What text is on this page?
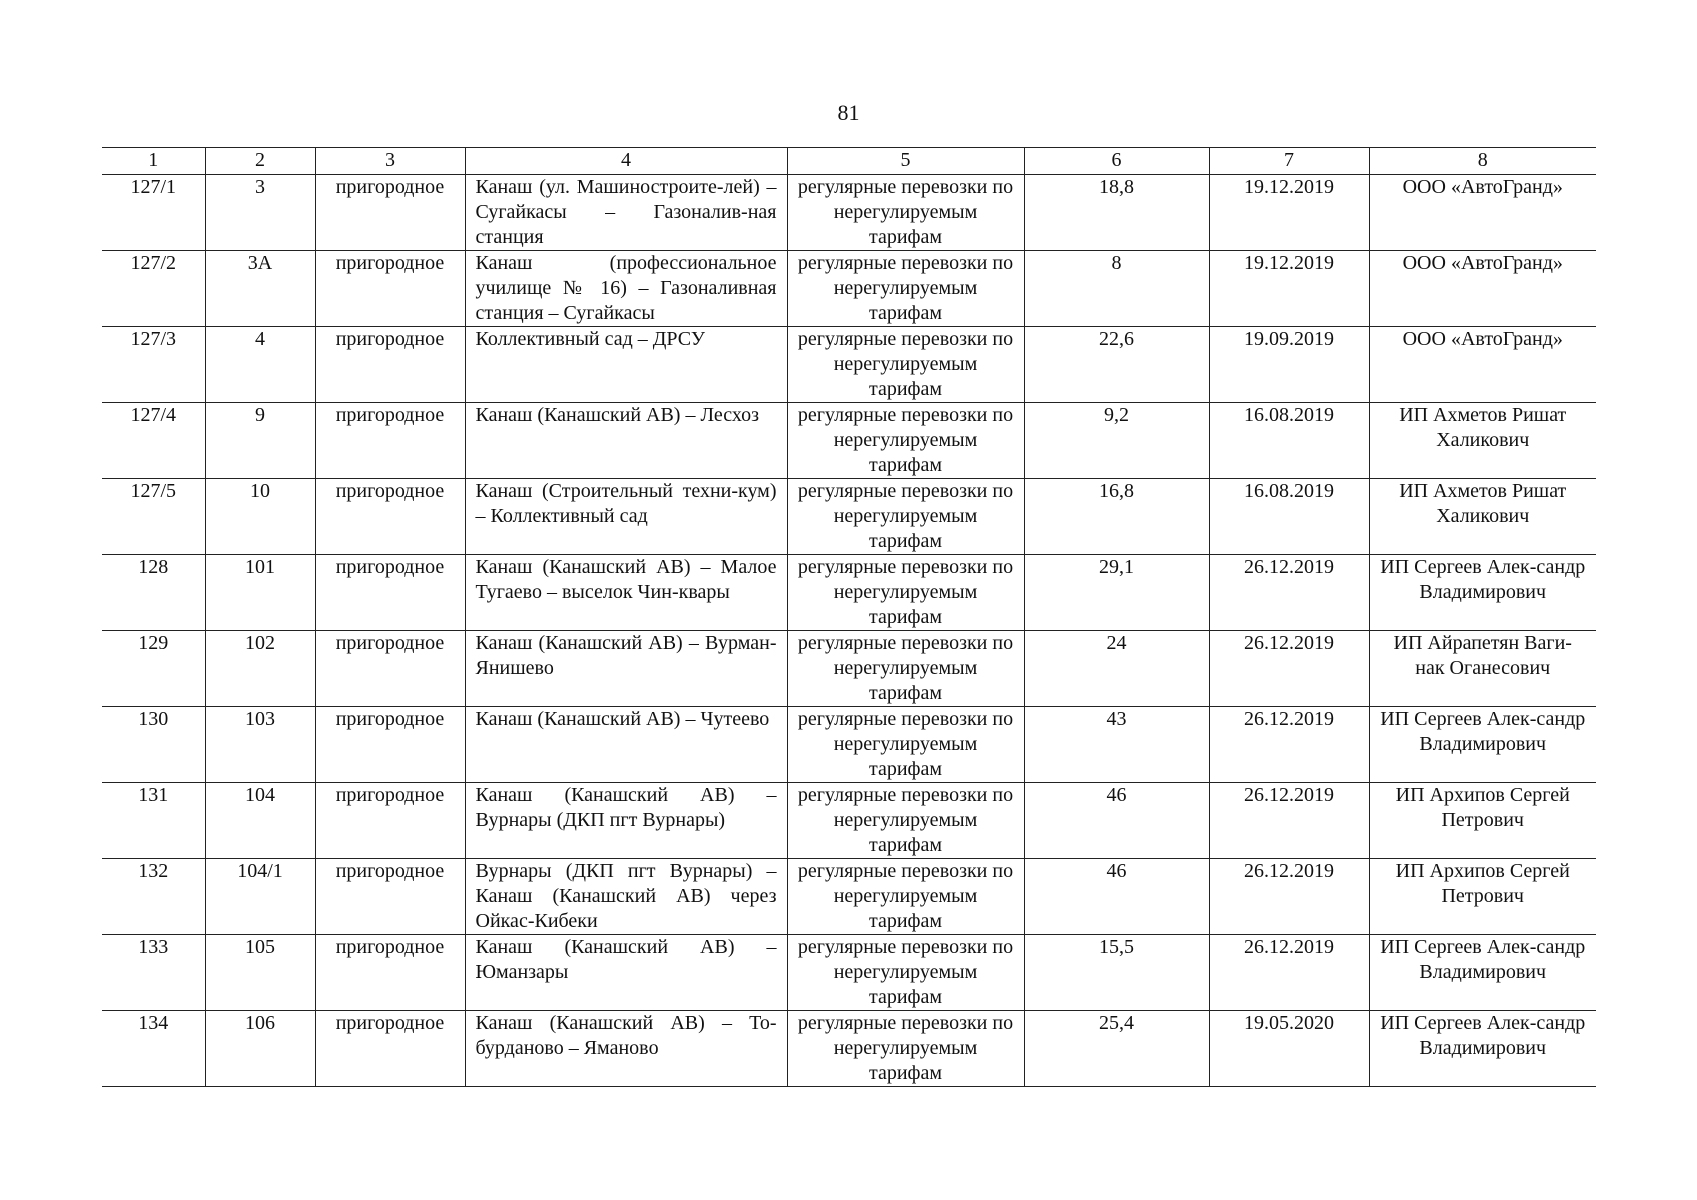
81
1	2	3	4	5	6	7	8
127/1	3	пригородное	Канаш (ул. Машиностроите-лей) – Сугайкасы – Газоналив-ная станция	регулярные перевозки по нерегулируемым тарифам	18,8	19.12.2019	ООО «АвтоГранд»
127/2	3А	пригородное	Канаш (профессиональное училище № 16) – Газоналивная станция – Сугайкасы	регулярные перевозки по нерегулируемым тарифам	8	19.12.2019	ООО «АвтоГранд»
127/3	4	пригородное	Коллективный сад – ДРСУ	регулярные перевозки по нерегулируемым тарифам	22,6	19.09.2019	ООО «АвтоГранд»
127/4	9	пригородное	Канаш (Канашский АВ) – Лесхоз	регулярные перевозки по нерегулируемым тарифам	9,2	16.08.2019	ИП Ахметов Ришат Халикович
127/5	10	пригородное	Канаш (Строительный техни-кум) – Коллективный сад	регулярные перевозки по нерегулируемым тарифам	16,8	16.08.2019	ИП Ахметов Ришат Халикович
128	101	пригородное	Канаш (Канашский АВ) – Малое Тугаево – выселок Чин-квары	регулярные перевозки по нерегулируемым тарифам	29,1	26.12.2019	ИП Сергеев Алек-сандр Владимирович
129	102	пригородное	Канаш (Канашский АВ) – Вурман-Янишево	регулярные перевозки по нерегулируемым тарифам	24	26.12.2019	ИП Айрапетян Ваги-нак Оганесович
130	103	пригородное	Канаш (Канашский АВ) – Чутеево	регулярные перевозки по нерегулируемым тарифам	43	26.12.2019	ИП Сергеев Алек-сандр Владимирович
131	104	пригородное	Канаш (Канашский АВ) – Вурнары (ДКП пгт Вурнары)	регулярные перевозки по нерегулируемым тарифам	46	26.12.2019	ИП Архипов Сергей Петрович
132	104/1	пригородное	Вурнары (ДКП пгт Вурнары) – Канаш (Канашский АВ) через Ойкас-Кибеки	регулярные перевозки по нерегулируемым тарифам	46	26.12.2019	ИП Архипов Сергей Петрович
133	105	пригородное	Канаш (Канашский АВ) – Юманзары	регулярные перевозки по нерегулируемым тарифам	15,5	26.12.2019	ИП Сергеев Алек-сандр Владимирович
134	106	пригородное	Канаш (Канашский АВ) – То-бурданово – Ямановo	регулярные перевозки по нерегулируемым тарифам	25,4	19.05.2020	ИП Сергеев Алек-сандр Владимирович
